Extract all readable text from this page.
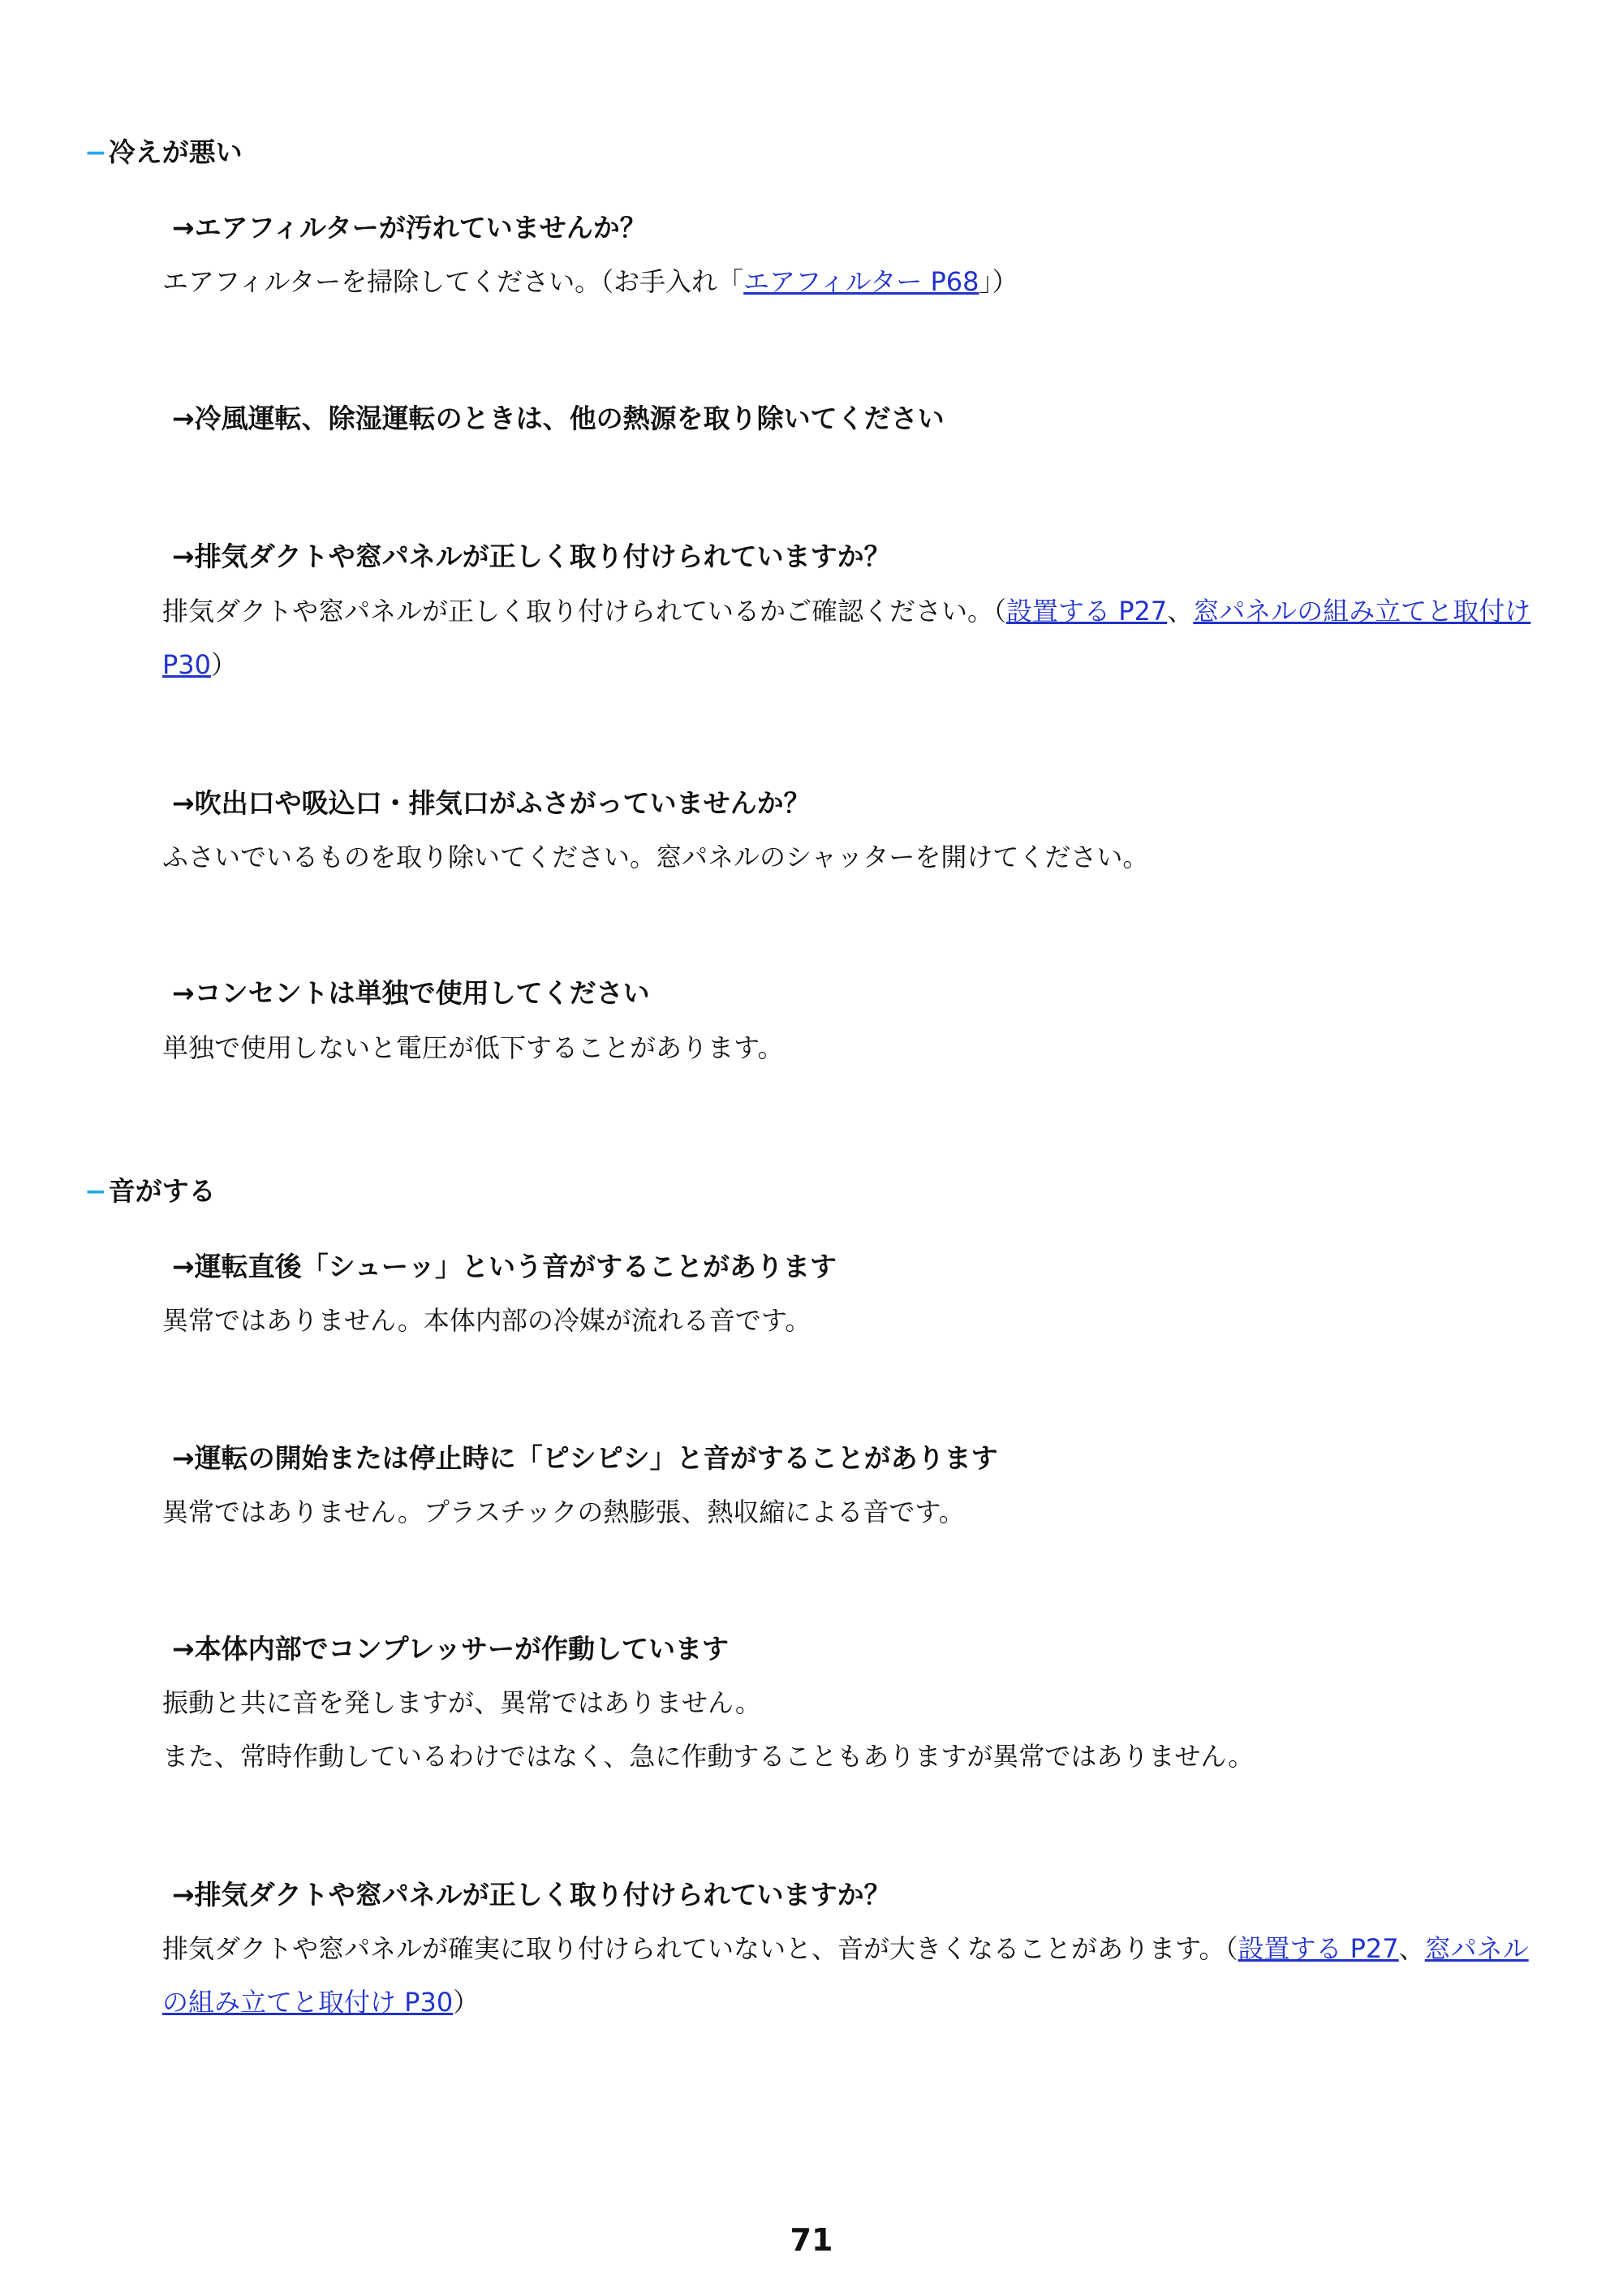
−冷えが悪い
→エアフィルターが汚れていませんか？

エアフィルターを掃除してください。（お手入れ「エアフィルター P68」）

→冷風運転、除湿運転のときは、他の熱源を取り除いてください
→排気ダクトや窓パネルが正しく取り付けられていますか？

排気ダクトや窓パネルが正しく取り付けられているかご確認ください。（設置する P27、窓パネルの組み立てと取付け
P30）

→吹出口や吸込口・排気口がふさがっていませんか？

ふさいでいるものを取り除いてください。窓パネルのシャッターを開けてください。

→コンセントは単独で使用してください

単独で使用しないと電圧が低下することがあります。

−音がする
→運転直後「シューッ」という音がすることがあります

異常ではありません。本体内部の冷媒が流れる音です。

→運転の開始または停止時に「ピシピシ」と音がすることがあります

異常ではありません。プラスチックの熱膨張、熱収縮による音です。

→本体内部でコンプレッサーが作動しています

振動と共に音を発しますが、異常ではありません。
また、常時作動しているわけではなく、急に作動することもありますが異常ではありません。

→排気ダクトや窓パネルが正しく取り付けられていますか？

排気ダクトや窓パネルが確実に取り付けられていないと、音が大きくなることがあります。（設置する P27、窓パネル
の組み立てと取付け P30）

71
